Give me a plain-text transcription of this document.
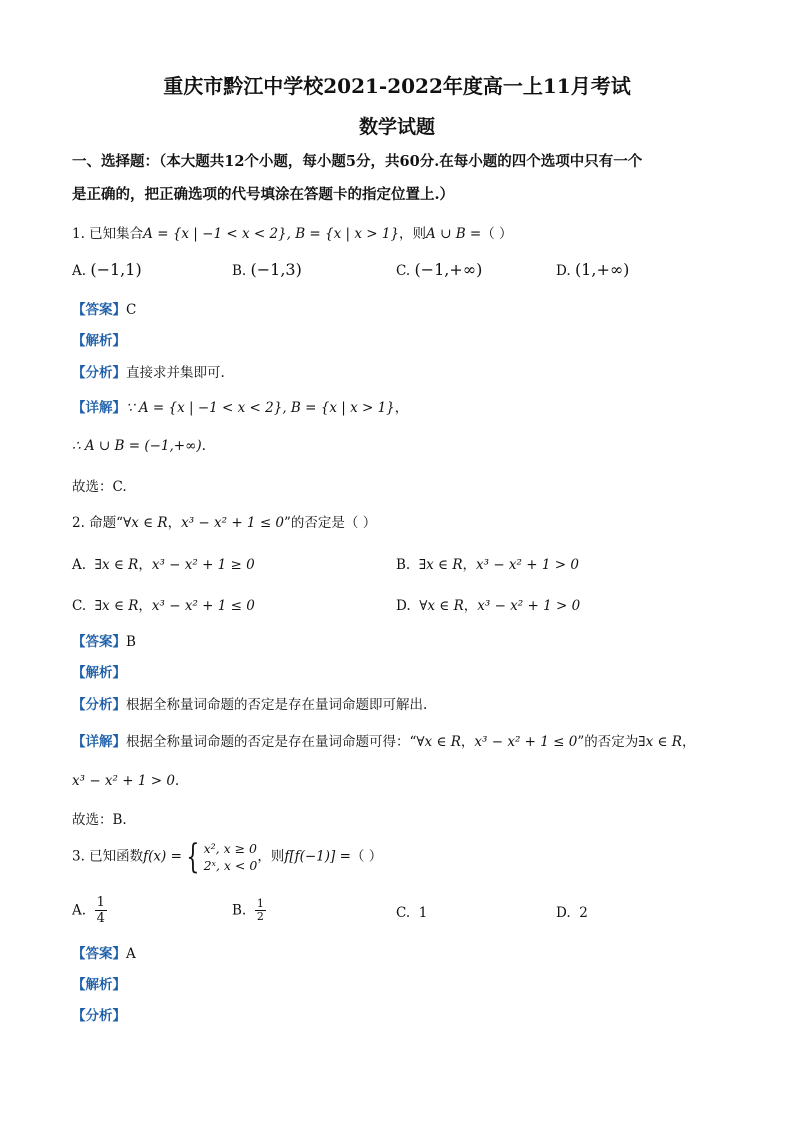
重庆市黔江中学校2021-2022年度高一上11月考试
数学试题
一、选择题：（本大题共12个小题，每小题5分，共60分.在每小题的四个选项中只有一个
是正确的，把正确选项的代号填涂在答题卡的指定位置上.）
1. 已知集合A = {x | −1 < x < 2}, B = {x | x > 1}，则A ∪ B =（ ）
A. (−1,1)	B. (−1,3)	C. (−1,+∞)	D. (1,+∞)
【答案】C
【解析】
【分析】直接求并集即可.
【详解】∵ A = {x | −1 < x < 2}, B = {x | x > 1}，
∴ A ∪ B = (−1,+∞).
故选：C.
2. 命题“∀x ∈ R，x³ − x² + 1 ≤ 0”的否定是（ ）
A. ∃x ∈ R，x³ − x² + 1 ≥ 0	B. ∃x ∈ R，x³ − x² + 1 > 0
C. ∃x ∈ R，x³ − x² + 1 ≤ 0	D. ∀x ∈ R，x³ − x² + 1 > 0
【答案】B
【解析】
【分析】根据全称量词命题的否定是存在量词命题即可解出.
【详解】根据全称量词命题的否定是存在量词命题可得：“∀x ∈ R，x³ − x² + 1 ≤ 0”的否定为∃x ∈ R，
x³ − x² + 1 > 0.
故选：B.
3. 已知函数f(x) = { x², x ≥ 0
2ˣ, x < 0
，则f[f(−1)] =（ ）
A. $\frac{1}{4}$	B. $\frac{1}{2}$	C. 1	D. 2
【答案】A
【解析】
【分析】
